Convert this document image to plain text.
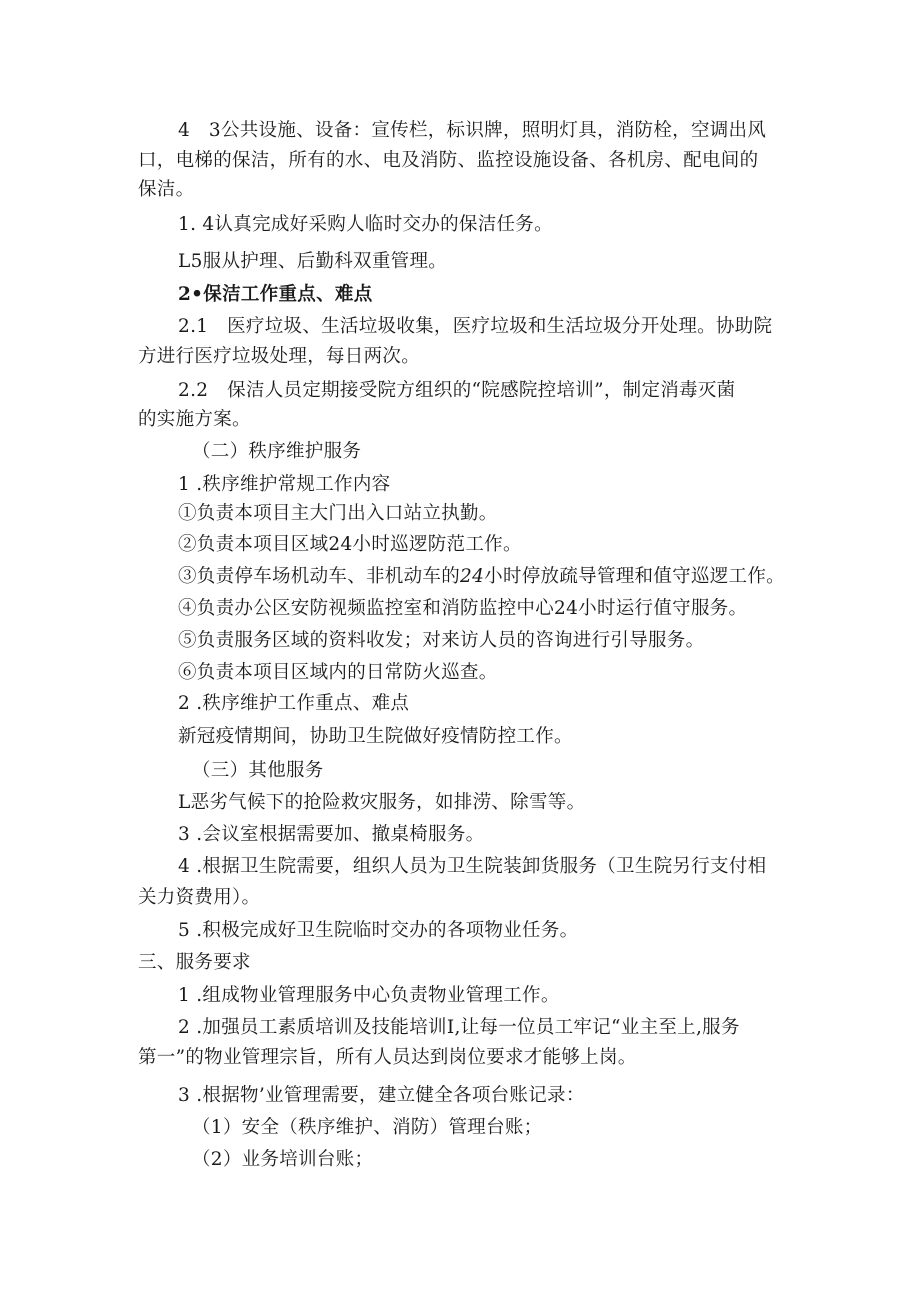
4　3公共设施、设备：宣传栏，标识牌，照明灯具，消防栓，空调出风
口，电梯的保洁，所有的水、电及消防、监控设施设备、各机房、配电间的
保洁。
1. 4认真完成好采购人临时交办的保洁任务。
L5服从护理、后勤科双重管理。
2•保洁工作重点、难点
2.1　医疗垃圾、生活垃圾收集，医疗垃圾和生活垃圾分开处理。协助院
方进行医疗垃圾处理，每日两次。
2.2　保洁人员定期接受院方组织的“院感院控培训”，制定消毒灭菌
的实施方案。
（二）秩序维护服务
1 .秩序维护常规工作内容
①负责本项目主大门出入口站立执勤。
②负责本项目区域24小时巡逻防范工作。
③负责停车场机动车、非机动车的24小时停放疏导管理和值守巡逻工作。
④负责办公区安防视频监控室和消防监控中心24小时运行值守服务。
⑤负责服务区域的资料收发；对来访人员的咨询进行引导服务。
⑥负责本项目区域内的日常防火巡查。
2 .秩序维护工作重点、难点
新冠疫情期间，协助卫生院做好疫情防控工作。
（三）其他服务
L恶劣气候下的抢险救灾服务，如排涝、除雪等。
3 .会议室根据需要加、撤桌椅服务。
4 .根据卫生院需要，组织人员为卫生院装卸货服务（卫生院另行支付相
关力资费用）。
5 .积极完成好卫生院临时交办的各项物业任务。
三、服务要求
1 .组成物业管理服务中心负责物业管理工作。
2 .加强员工素质培训及技能培训I,让每一位员工牢记“业主至上,服务
第一”的物业管理宗旨，所有人员达到岗位要求才能够上岗。
3 .根据物’业管理需要，建立健全各项台账记录：
（1）安全（秩序维护、消防）管理台账；
（2）业务培训台账；
